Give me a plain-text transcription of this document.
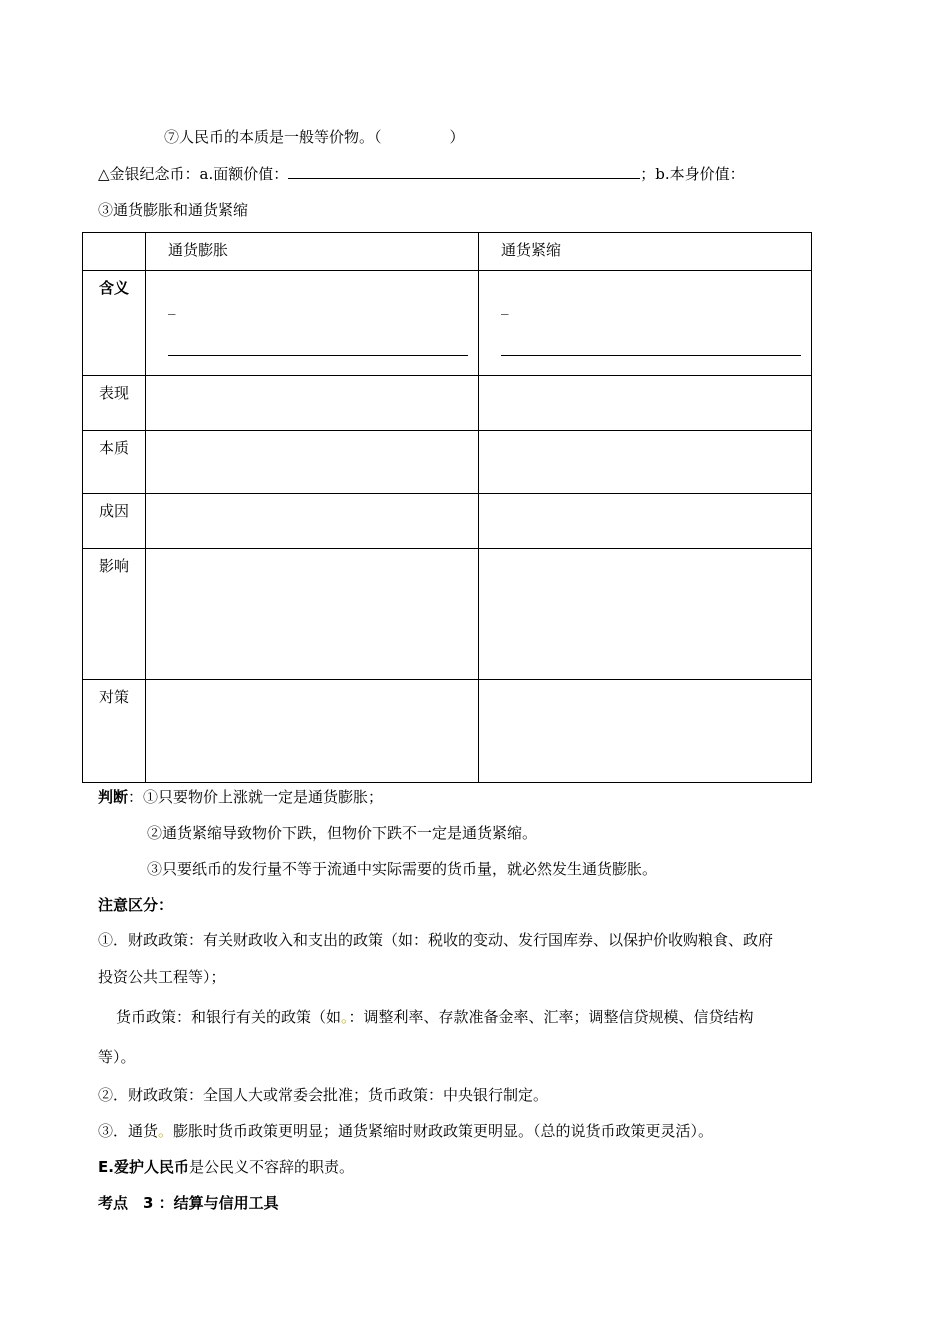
⑦人民币的本质是一般等价物。（	）
△金银纪念币：a.面额价值：	；b.本身价值：
③通货膨胀和通货紧缩

	通货膨胀	通货紧缩

含义	_	_

表现		

本质		

成因		

影响		

对策		

判断：①只要物价上涨就一定是通货膨胀；
②通货紧缩导致物价下跌，但物价下跌不一定是通货紧缩。
③只要纸币的发行量不等于流通中实际需要的货币量，就必然发生通货膨胀。
注意区分：
①．财政政策：有关财政收入和支出的政策（如：税收的变动、发行国库券、以保护价收购粮食、政府
投资公共工程等）；
货币政策：和银行有关的政策（如。：调整利率、存款准备金率、汇率；调整信贷规模、信贷结构
等）。
②．财政政策：全国人大或常委会批准；货币政策：中央银行制定。
③．通货。膨胀时货币政策更明显；通货紧缩时财政政策更明显。（总的说货币政策更灵活）。
E.爱护人民币是公民义不容辞的职责。
考点　3 ：结算与信用工具
